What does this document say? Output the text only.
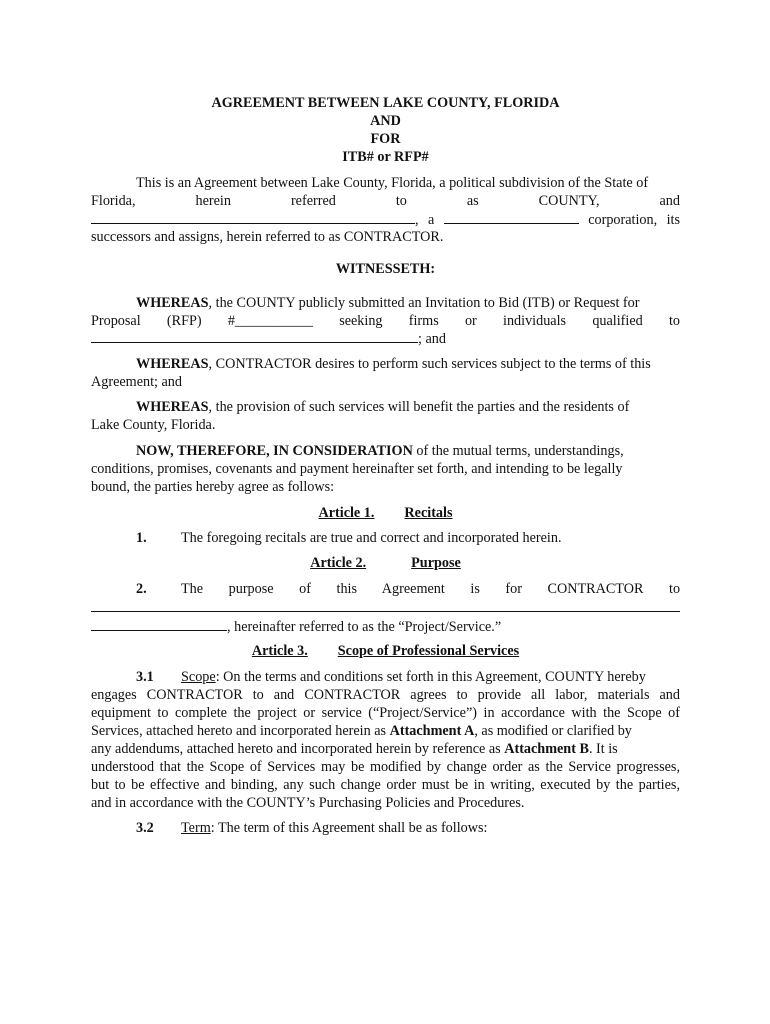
AGREEMENT BETWEEN LAKE COUNTY, FLORIDA
AND
FOR
ITB# or RFP#
This is an Agreement between Lake County, Florida, a political subdivision of the State of
Florida,	herein	referred	to	as	COUNTY,	and
, a	corporation, its
successors and assigns, herein referred to as CONTRACTOR.
WITNESSETH:
WHEREAS, the COUNTY publicly submitted an Invitation to Bid (ITB) or Request for
Proposal (RFP) #___________ seeking firms or individuals qualified to
; and
WHEREAS, CONTRACTOR desires to perform such services subject to the terms of this
Agreement; and
WHEREAS, the provision of such services will benefit the parties and the residents of
Lake County, Florida.
NOW, THEREFORE, IN CONSIDERATION of the mutual terms, understandings,
conditions, promises, covenants and payment hereinafter set forth, and intending to be legally
bound, the parties hereby agree as follows:
Article 1. Recitals
1. The foregoing recitals are true and correct and incorporated herein.
Article 2.	Purpose
2. The purpose of this Agreement is for CONTRACTOR to
, hereinafter referred to as the “Project/Service.”
Article 3. Scope of Professional Services
3.1 Scope: On the terms and conditions set forth in this Agreement, COUNTY hereby
engages CONTRACTOR to and CONTRACTOR agrees to provide all labor, materials and
equipment to complete the project or service (“Project/Service”) in accordance with the Scope of
Services, attached hereto and incorporated herein as Attachment A, as modified or clarified by
any addendums, attached hereto and incorporated herein by reference as Attachment B. It is
understood that the Scope of Services may be modified by change order as the Service progresses,
but to be effective and binding, any such change order must be in writing, executed by the parties,
and in accordance with the COUNTY’s Purchasing Policies and Procedures.
3.2 Term: The term of this Agreement shall be as follows:
